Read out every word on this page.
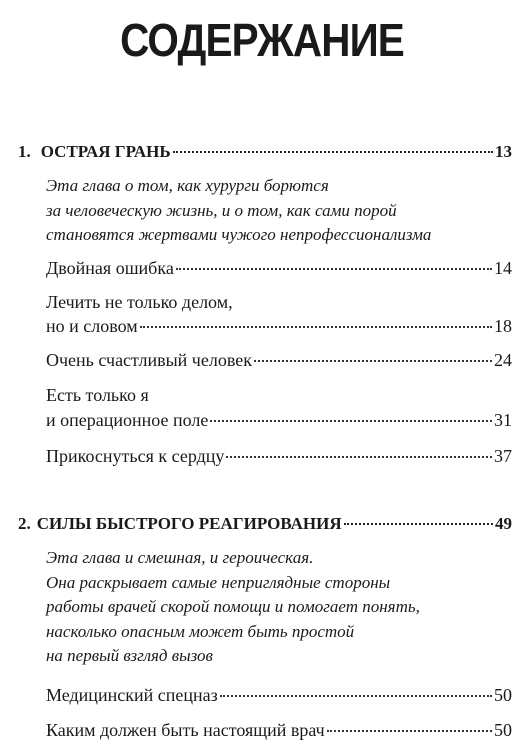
СОДЕРЖАНИЕ
1. ОСТРАЯ ГРАНЬ	13
Эта глава о том, как хурурги борются
за человеческую жизнь, и о том, как сами порой
становятся жертвами чужого непрофессионализма
Двойная ошибка	14
Лечить не только делом,
но и словом	18
Очень счастливый человек	24
Есть только я
и операционное поле	31
Прикоснуться к сердцу	37
2. СИЛЫ БЫСТРОГО РЕАГИРОВАНИЯ	49
Эта глава и смешная, и героическая.
Она раскрывает самые неприглядные стороны
работы врачей скорой помощи и помогает понять,
насколько опасным может быть простой
на первый взгляд вызов
Медицинский спецназ	50
Каким должен быть настоящий врач	50
